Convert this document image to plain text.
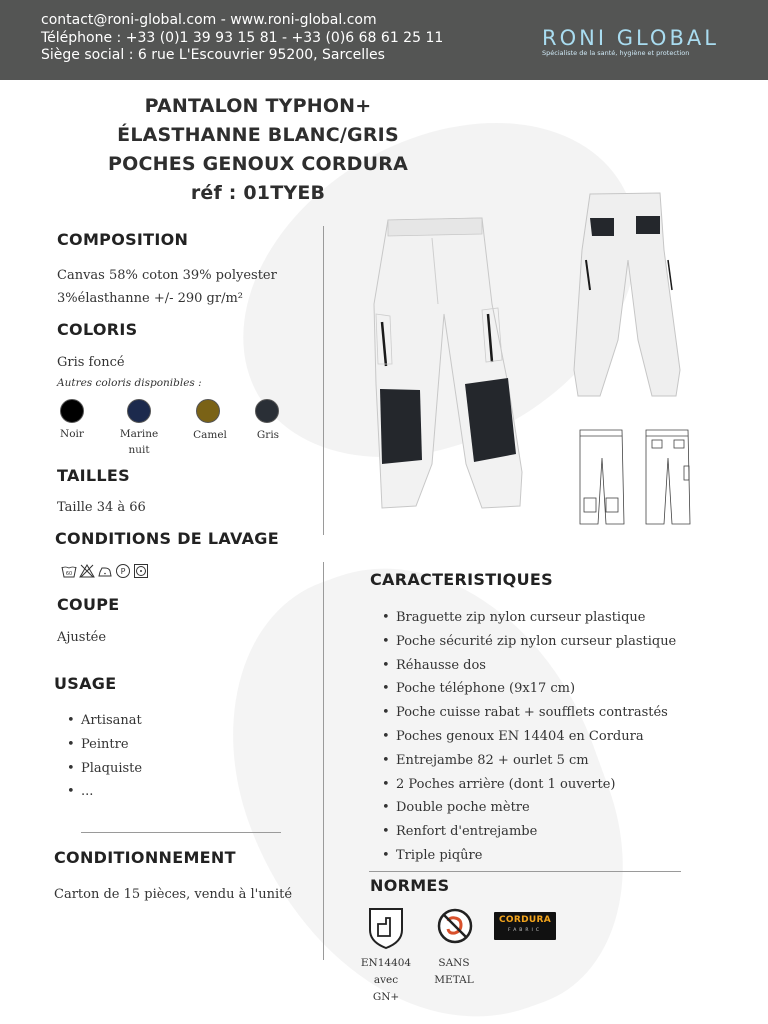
contact@roni-global.com - www.roni-global.com
Téléphone : +33 (0)1 39 93 15 81 - +33 (0)6 68 61 25 11
Siège social : 6 rue L'Escouvrier 95200, Sarcelles
RONI GLOBAL
Spécialiste de la santé, hygiène et protection
PANTALON TYPHON+
ÉLASTHANNE BLANC/GRIS
POCHES GENOUX CORDURA
réf : 01TYEB
COMPOSITION
Canvas 58% coton 39% polyester
3%élasthanne +/- 290 gr/m²
COLORIS
Gris foncé
Autres coloris disponibles :
Noir	Marine nuit
Camel	Gris
TAILLES
Taille 34 à 66
CONDITIONS DE LAVAGE
60	P
COUPE
Ajustée
USAGE
• Artisanat
• Peintre
• Plaquiste
• ...
CONDITIONNEMENT
Carton de 15 pièces, vendu à l'unité
CARACTERISTIQUES
• Braguette zip nylon curseur plastique
• Poche sécurité zip nylon curseur plastique
• Réhausse dos
• Poche téléphone (9x17 cm)
• Poche cuisse rabat + soufflets contrastés
• Poches genoux EN 14404 en Cordura
• Entrejambe 82 + ourlet 5 cm
• 2 Poches arrière (dont 1 ouverte)
• Double poche mètre
• Renfort d'entrejambe
• Triple piqûre
NORMES
EN14404
avec
GN+
SANS
METAL
CORDURA
FABRIC
